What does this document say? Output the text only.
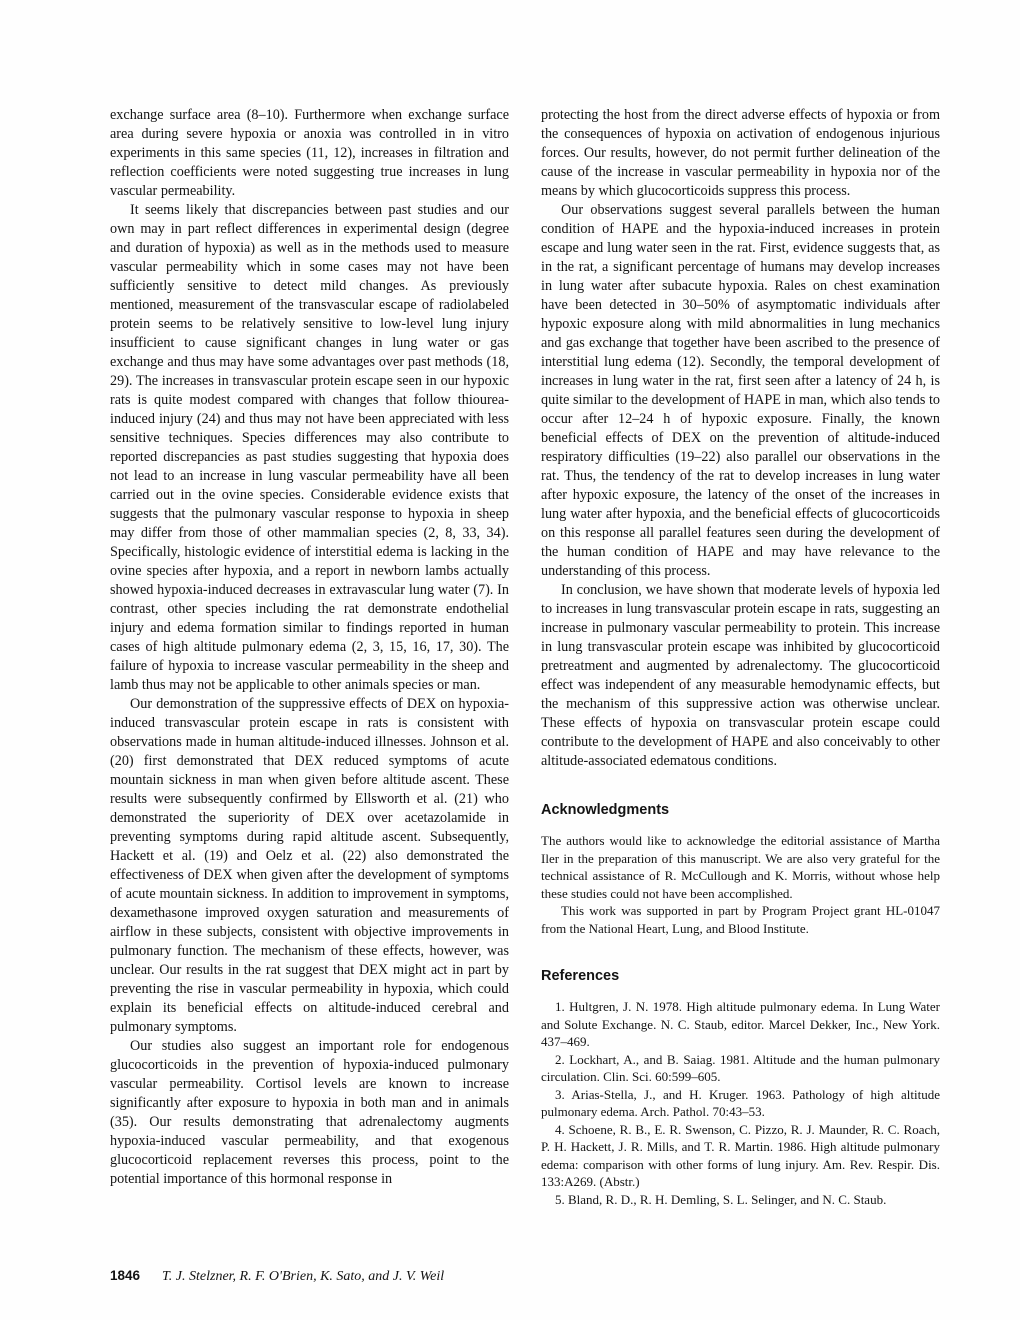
exchange surface area (8–10). Furthermore when exchange surface area during severe hypoxia or anoxia was controlled in in vitro experiments in this same species (11, 12), increases in filtration and reflection coefficients were noted suggesting true increases in lung vascular permeability.

It seems likely that discrepancies between past studies and our own may in part reflect differences in experimental design (degree and duration of hypoxia) as well as in the methods used to measure vascular permeability which in some cases may not have been sufficiently sensitive to detect mild changes. As previously mentioned, measurement of the transvascular escape of radiolabeled protein seems to be relatively sensitive to low-level lung injury insufficient to cause significant changes in lung water or gas exchange and thus may have some advantages over past methods (18, 29). The increases in transvascular protein escape seen in our hypoxic rats is quite modest compared with changes that follow thiourea-induced injury (24) and thus may not have been appreciated with less sensitive techniques. Species differences may also contribute to reported discrepancies as past studies suggesting that hypoxia does not lead to an increase in lung vascular permeability have all been carried out in the ovine species. Considerable evidence exists that suggests that the pulmonary vascular response to hypoxia in sheep may differ from those of other mammalian species (2, 8, 33, 34). Specifically, histologic evidence of interstitial edema is lacking in the ovine species after hypoxia, and a report in newborn lambs actually showed hypoxia-induced decreases in extravascular lung water (7). In contrast, other species including the rat demonstrate endothelial injury and edema formation similar to findings reported in human cases of high altitude pulmonary edema (2, 3, 15, 16, 17, 30). The failure of hypoxia to increase vascular permeability in the sheep and lamb thus may not be applicable to other animals species or man.

Our demonstration of the suppressive effects of DEX on hypoxia-induced transvascular protein escape in rats is consistent with observations made in human altitude-induced illnesses. Johnson et al. (20) first demonstrated that DEX reduced symptoms of acute mountain sickness in man when given before altitude ascent. These results were subsequently confirmed by Ellsworth et al. (21) who demonstrated the superiority of DEX over acetazolamide in preventing symptoms during rapid altitude ascent. Subsequently, Hackett et al. (19) and Oelz et al. (22) also demonstrated the effectiveness of DEX when given after the development of symptoms of acute mountain sickness. In addition to improvement in symptoms, dexamethasone improved oxygen saturation and measurements of airflow in these subjects, consistent with objective improvements in pulmonary function. The mechanism of these effects, however, was unclear. Our results in the rat suggest that DEX might act in part by preventing the rise in vascular permeability in hypoxia, which could explain its beneficial effects on altitude-induced cerebral and pulmonary symptoms.

Our studies also suggest an important role for endogenous glucocorticoids in the prevention of hypoxia-induced pulmonary vascular permeability. Cortisol levels are known to increase significantly after exposure to hypoxia in both man and in animals (35). Our results demonstrating that adrenalectomy augments hypoxia-induced vascular permeability, and that exogenous glucocorticoid replacement reverses this process, point to the potential importance of this hormonal response in

protecting the host from the direct adverse effects of hypoxia or from the consequences of hypoxia on activation of endogenous injurious forces. Our results, however, do not permit further delineation of the cause of the increase in vascular permeability in hypoxia nor of the means by which glucocorticoids suppress this process.

Our observations suggest several parallels between the human condition of HAPE and the hypoxia-induced increases in protein escape and lung water seen in the rat. First, evidence suggests that, as in the rat, a significant percentage of humans may develop increases in lung water after subacute hypoxia. Rales on chest examination have been detected in 30–50% of asymptomatic individuals after hypoxic exposure along with mild abnormalities in lung mechanics and gas exchange that together have been ascribed to the presence of interstitial lung edema (12). Secondly, the temporal development of increases in lung water in the rat, first seen after a latency of 24 h, is quite similar to the development of HAPE in man, which also tends to occur after 12–24 h of hypoxic exposure. Finally, the known beneficial effects of DEX on the prevention of altitude-induced respiratory difficulties (19–22) also parallel our observations in the rat. Thus, the tendency of the rat to develop increases in lung water after hypoxic exposure, the latency of the onset of the increases in lung water after hypoxia, and the beneficial effects of glucocorticoids on this response all parallel features seen during the development of the human condition of HAPE and may have relevance to the understanding of this process.

In conclusion, we have shown that moderate levels of hypoxia led to increases in lung transvascular protein escape in rats, suggesting an increase in pulmonary vascular permeability to protein. This increase in lung transvascular protein escape was inhibited by glucocorticoid pretreatment and augmented by adrenalectomy. The glucocorticoid effect was independent of any measurable hemodynamic effects, but the mechanism of this suppressive action was otherwise unclear. These effects of hypoxia on transvascular protein escape could contribute to the development of HAPE and also conceivably to other altitude-associated edematous conditions.

Acknowledgments

The authors would like to acknowledge the editorial assistance of Martha Iler in the preparation of this manuscript. We are also very grateful for the technical assistance of R. McCullough and K. Morris, without whose help these studies could not have been accomplished.

This work was supported in part by Program Project grant HL-01047 from the National Heart, Lung, and Blood Institute.

References

1. Hultgren, J. N. 1978. High altitude pulmonary edema. In Lung Water and Solute Exchange. N. C. Staub, editor. Marcel Dekker, Inc., New York. 437–469.

2. Lockhart, A., and B. Saiag. 1981. Altitude and the human pulmonary circulation. Clin. Sci. 60:599–605.

3. Arias-Stella, J., and H. Kruger. 1963. Pathology of high altitude pulmonary edema. Arch. Pathol. 70:43–53.

4. Schoene, R. B., E. R. Swenson, C. Pizzo, R. J. Maunder, R. C. Roach, P. H. Hackett, J. R. Mills, and T. R. Martin. 1986. High altitude pulmonary edema: comparison with other forms of lung injury. Am. Rev. Respir. Dis. 133:A269. (Abstr.)

5. Bland, R. D., R. H. Demling, S. L. Selinger, and N. C. Staub.

1846 T. J. Stelzner, R. F. O'Brien, K. Sato, and J. V. Weil
